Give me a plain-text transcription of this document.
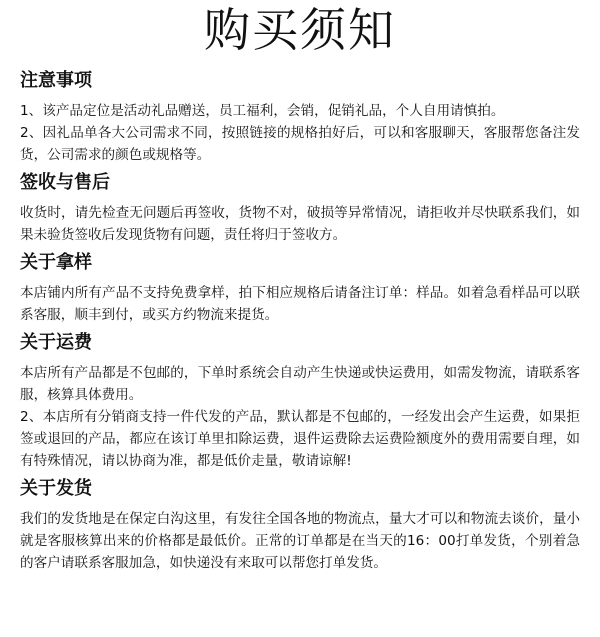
购买须知
注意事项

1、该产品定位是活动礼品赠送，员工福利，会销，促销礼品，个人自用请慎拍。

2、因礼品单各大公司需求不同，按照链接的规格拍好后，可以和客服聊天，客服帮您备注发货，公司需求的颜色或规格等。

签收与售后

收货时，请先检查无问题后再签收，货物不对，破损等异常情况，请拒收并尽快联系我们，如果未验货签收后发现货物有问题，责任将归于签收方。

关于拿样

本店铺内所有产品不支持免费拿样，拍下相应规格后请备注订单：样品。如着急看样品可以联系客服，顺丰到付，或买方约物流来提货。

关于运费

本店所有产品都是不包邮的，下单时系统会自动产生快递或快运费用，如需发物流，请联系客服，核算具体费用。

2、本店所有分销商支持一件代发的产品，默认都是不包邮的，一经发出会产生运费，如果拒签或退回的产品，都应在该订单里扣除运费，退件运费除去运费险额度外的费用需要自理，如有特殊情况，请以协商为准，都是低价走量，敬请谅解!

关于发货

我们的发货地是在保定白沟这里，有发往全国各地的物流点，量大才可以和物流去谈价，量小就是客服核算出来的价格都是最低价。正常的订单都是在当天的16：00打单发货，个别着急的客户请联系客服加急，如快递没有来取可以帮您打单发货。
